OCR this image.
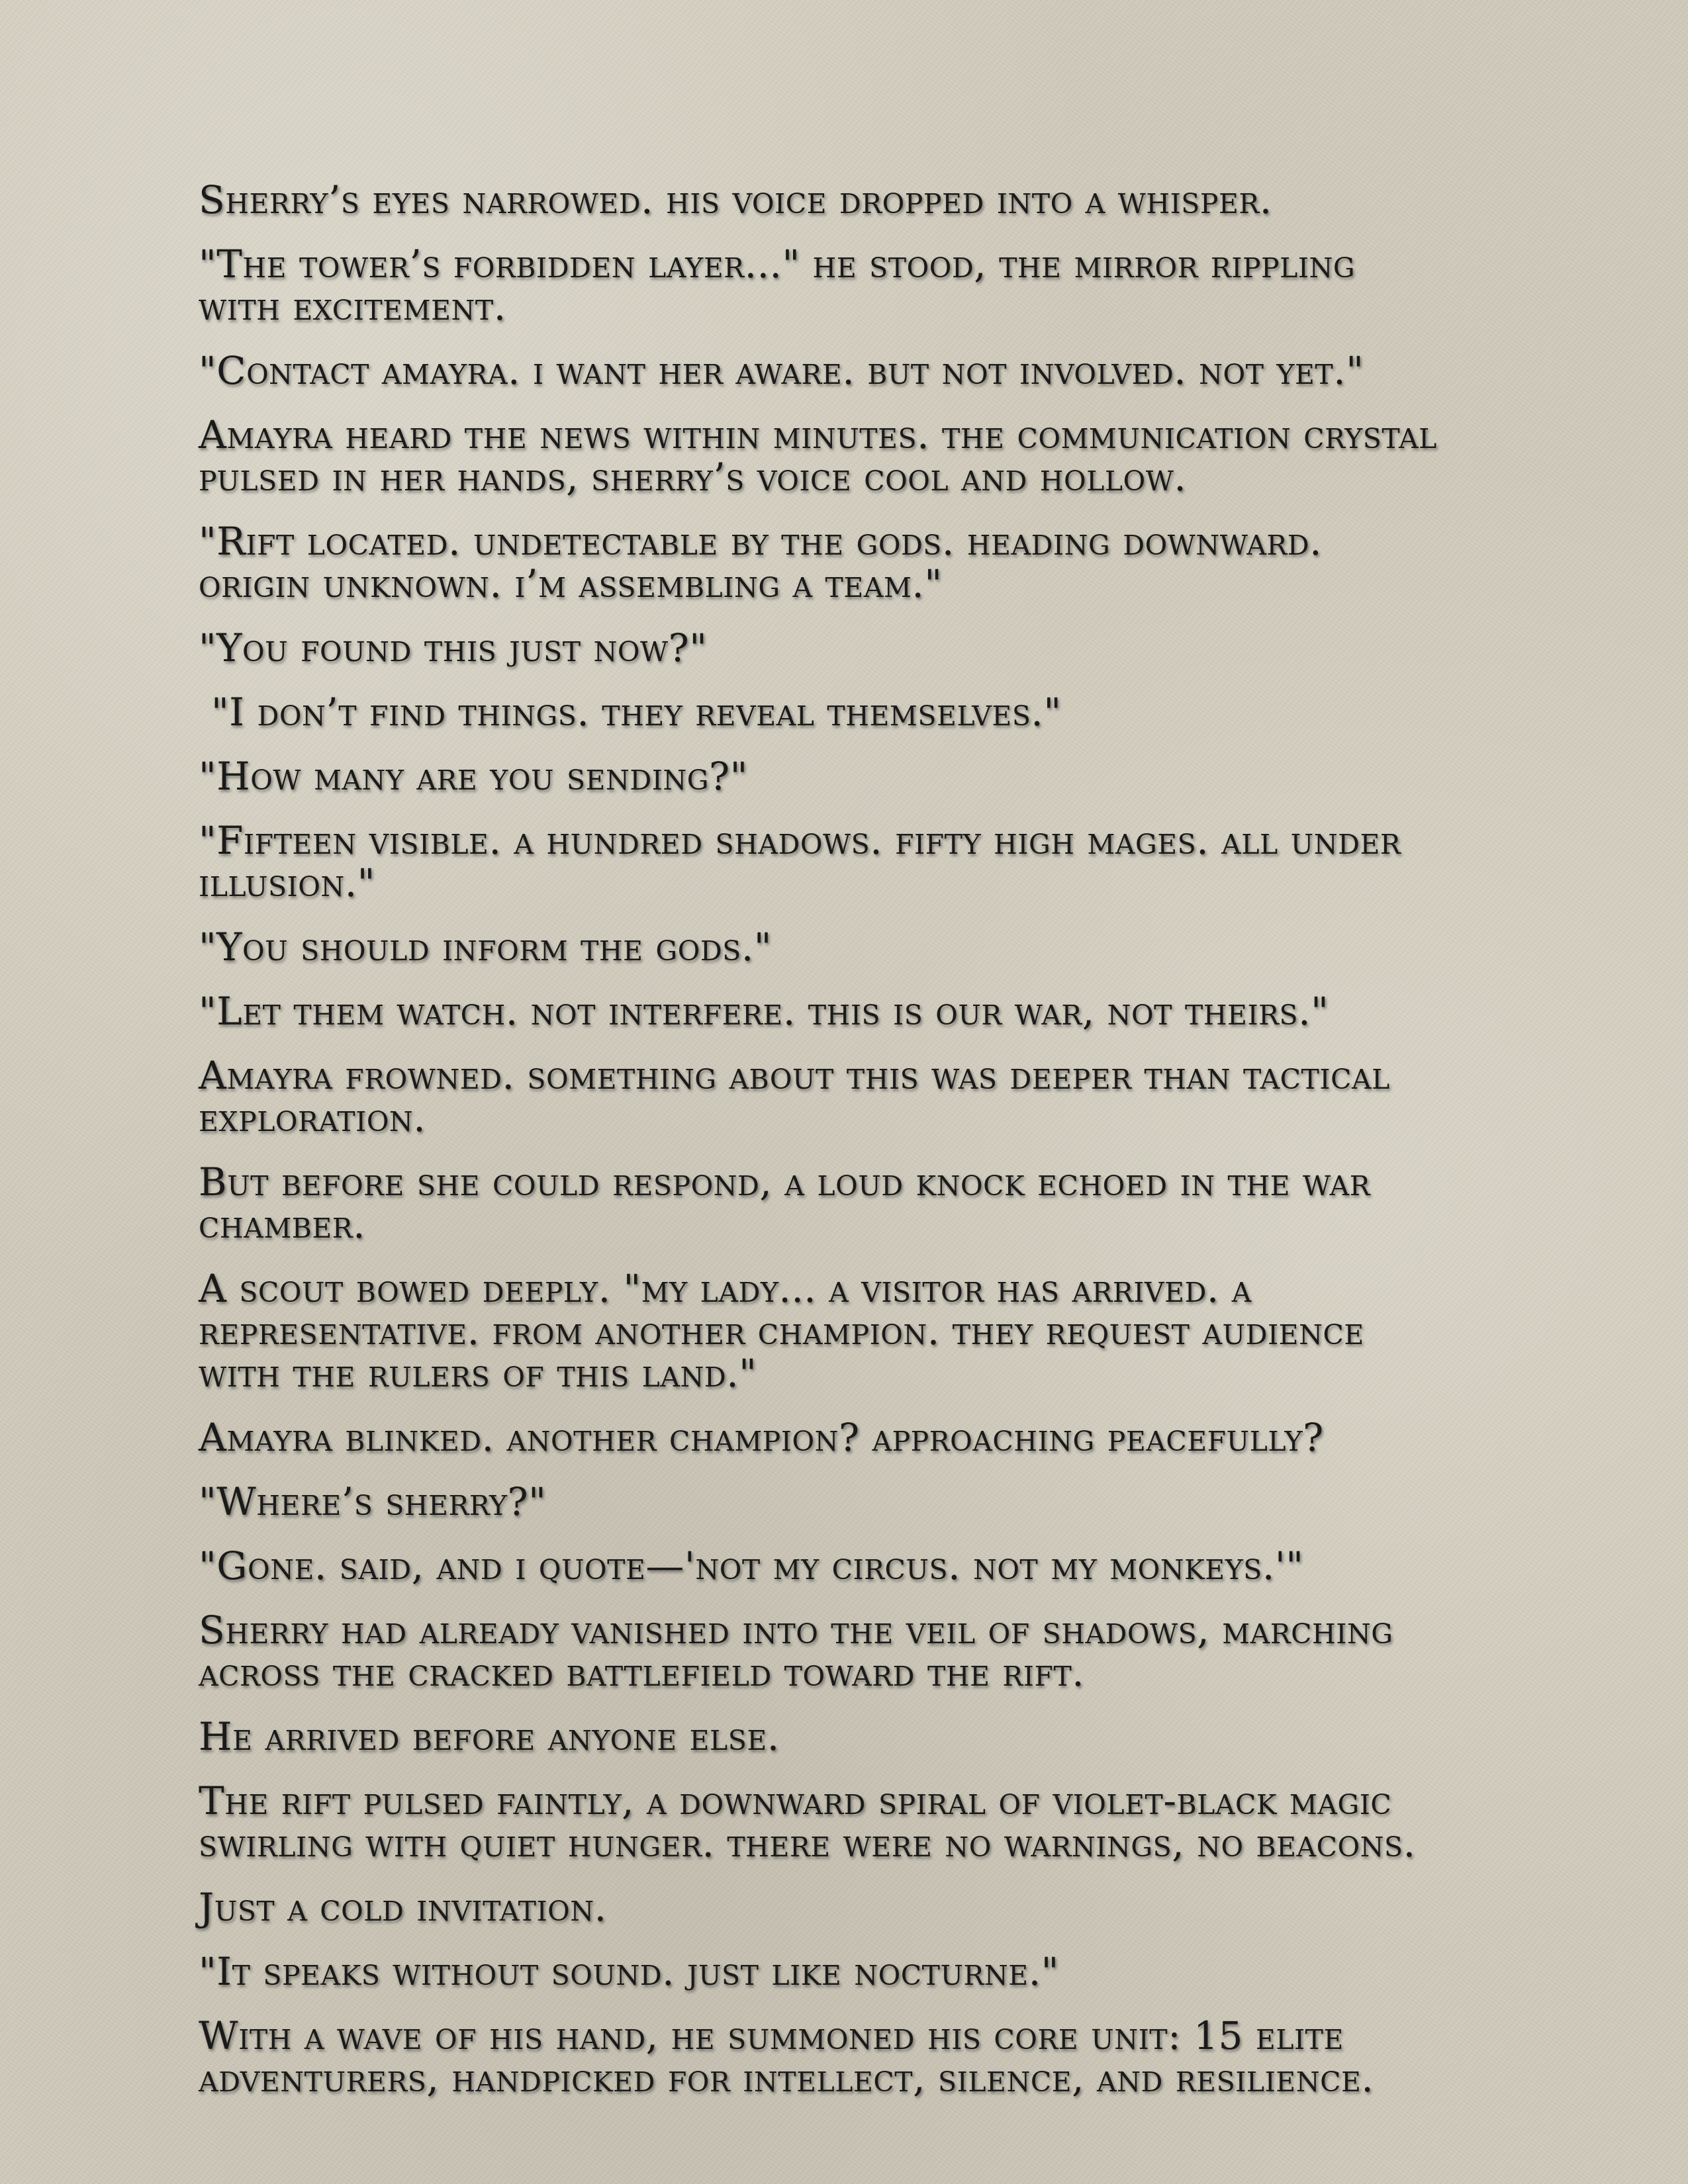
Sherry’s eyes narrowed. his voice dropped into a whisper.

"The tower’s forbidden layer..." he stood, the mirror rippling with excitement.

"Contact amayra. i want her aware. but not involved. not yet."

Amayra heard the news within minutes. the communication crystal pulsed in her hands, sherry’s voice cool and hollow.

"Rift located. undetectable by the gods. heading downward. origin unknown. i’m assembling a team."

"You found this just now?"

"I don’t find things. they reveal themselves."

"How many are you sending?"

"Fifteen visible. a hundred shadows. fifty high mages. all under illusion."

"You should inform the gods."

"Let them watch. not interfere. this is our war, not theirs."

Amayra frowned. something about this was deeper than tactical exploration.

But before she could respond, a loud knock echoed in the war chamber.

A scout bowed deeply. "my lady... a visitor has arrived. a representative. from another champion. they request audience with the rulers of this land."

Amayra blinked. another champion? approaching peacefully?

"Where’s sherry?"

"Gone. said, and i quote—'not my circus. not my monkeys.'"

Sherry had already vanished into the veil of shadows, marching across the cracked battlefield toward the rift.

He arrived before anyone else.

The rift pulsed faintly, a downward spiral of violet-black magic swirling with quiet hunger. there were no warnings, no beacons.

Just a cold invitation.

"It speaks without sound. just like nocturne."

With a wave of his hand, he summoned his core unit: 15 elite adventurers, handpicked for intellect, silence, and resilience.
